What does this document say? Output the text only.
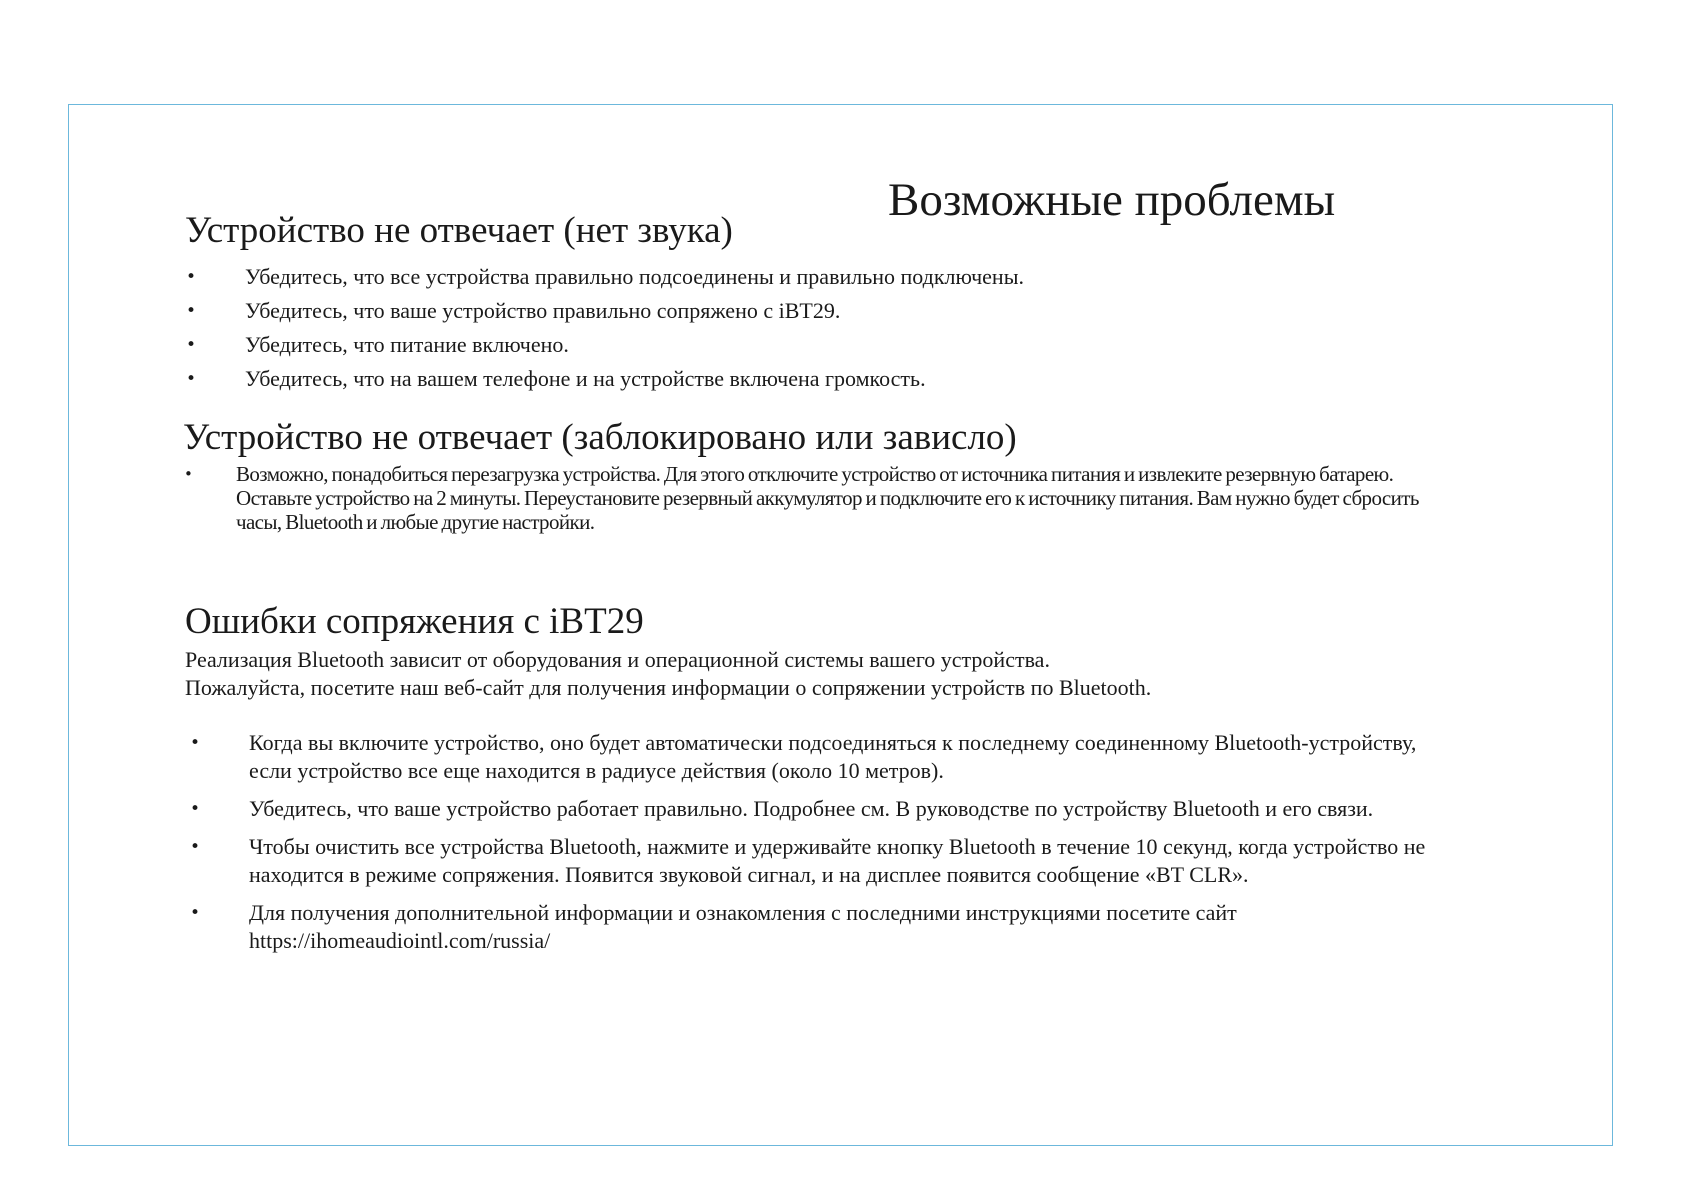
Возможные проблемы
Устройство не отвечает (нет звука)
• Убедитесь, что все устройства правильно подсоединены и правильно подключены.
• Убедитесь, что ваше устройство правильно сопряжено с iBT29.
• Убедитесь, что питание включено.
• Убедитесь, что на вашем телефоне и на устройстве включена громкость.
Устройство не отвечает (заблокировано или зависло)
• Возможно, понадобиться перезагрузка устройства. Для этого отключите устройство от источника питания и извлеките резервную батарею. Оставьте устройство на 2 минуты. Переустановите резервный аккумулятор и подключите его к источнику питания. Вам нужно будет сбросить часы, Bluetooth и любые другие настройки.
Ошибки сопряжения с iBT29

Реализация Bluetooth зависит от оборудования и операционной системы вашего устройства.

Пожалуйста, посетите наш веб-сайт для получения информации о сопряжении устройств по Bluetooth.

• Когда вы включите устройство, оно будет автоматически подсоединяться к последнему соединенному Bluetooth-устройству, если устройство все еще находится в радиусе действия (около 10 метров).
• Убедитесь, что ваше устройство работает правильно. Подробнее см. В руководстве по устройству Bluetooth и его связи.
• Чтобы очистить все устройства Bluetooth, нажмите и удерживайте кнопку Bluetooth в течение 10 секунд, когда устройство не находится в режиме сопряжения. Появится звуковой сигнал, и на дисплее появится сообщение «BT CLR».
• Для получения дополнительной информации и ознакомления с последними инструкциями посетите сайт https://ihomeaudiointl.com/russia/
